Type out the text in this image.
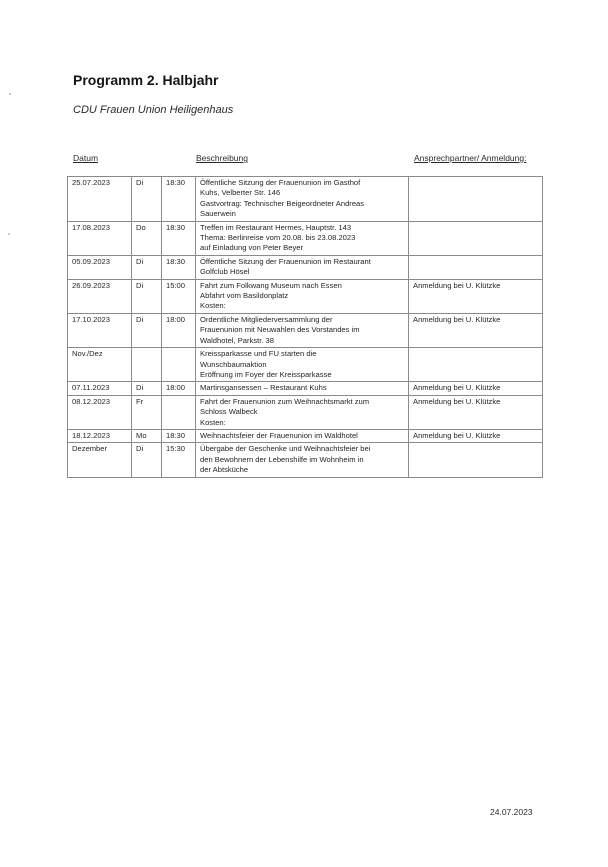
Programm 2. Halbjahr
CDU Frauen Union Heiligenhaus
Datum	Beschreibung	Ansprechpartner/ Anmeldung:
25.07.2023	Di	18:30	Öffentliche Sitzung der Frauenunion im Gasthof
Kuhs, Velberter Str. 146
Gastvortrag: Technischer Beigeordneter Andreas
Sauerwein	

17.08.2023	Do	18:30	Treffen im Restaurant Hermes, Hauptstr. 143
Thema: Berlinreise vom 20.08. bis 23.08.2023
auf Einladung von Peter Beyer	

05.09.2023	Di	18:30	Öffentliche Sitzung der Frauenunion im Restaurant
Golfclub Hösel	

26.09.2023	Di	15:00	Fahrt zum Folkwang Museum nach Essen
Abfahrt vom Basildonplatz
Kosten:	Anmeldung bei U. Klützke
17.10.2023	Di	18:00	Ordentliche Mitgliederversammlung der
Frauenunion mit Neuwahlen des Vorstandes im
Waldhotel, Parkstr. 38	Anmeldung bei U. Klützke
Nov./Dez			Kreissparkasse und FU starten die
Wunschbaumaktion
Eröffnung im Foyer der Kreissparkasse	

07.11.2023	Di	18:00	Martinsgansessen – Restaurant Kuhs	Anmeldung bei U. Klützke
08.12.2023	Fr		Fahrt der Frauenunion zum Weihnachtsmarkt zum
Schloss Walbeck
Kosten:	Anmeldung bei U. Klützke
18.12.2023	Mo	18:30	Weihnachtsfeier der Frauenunion im Waldhotel	Anmeldung bei U. Klützke
Dezember	Di	15:30	Übergabe der Geschenke und Weihnachtsfeier bei
den Bewohnern der Lebenshilfe im Wohnheim in
der Abtsküche	

24.07.2023
